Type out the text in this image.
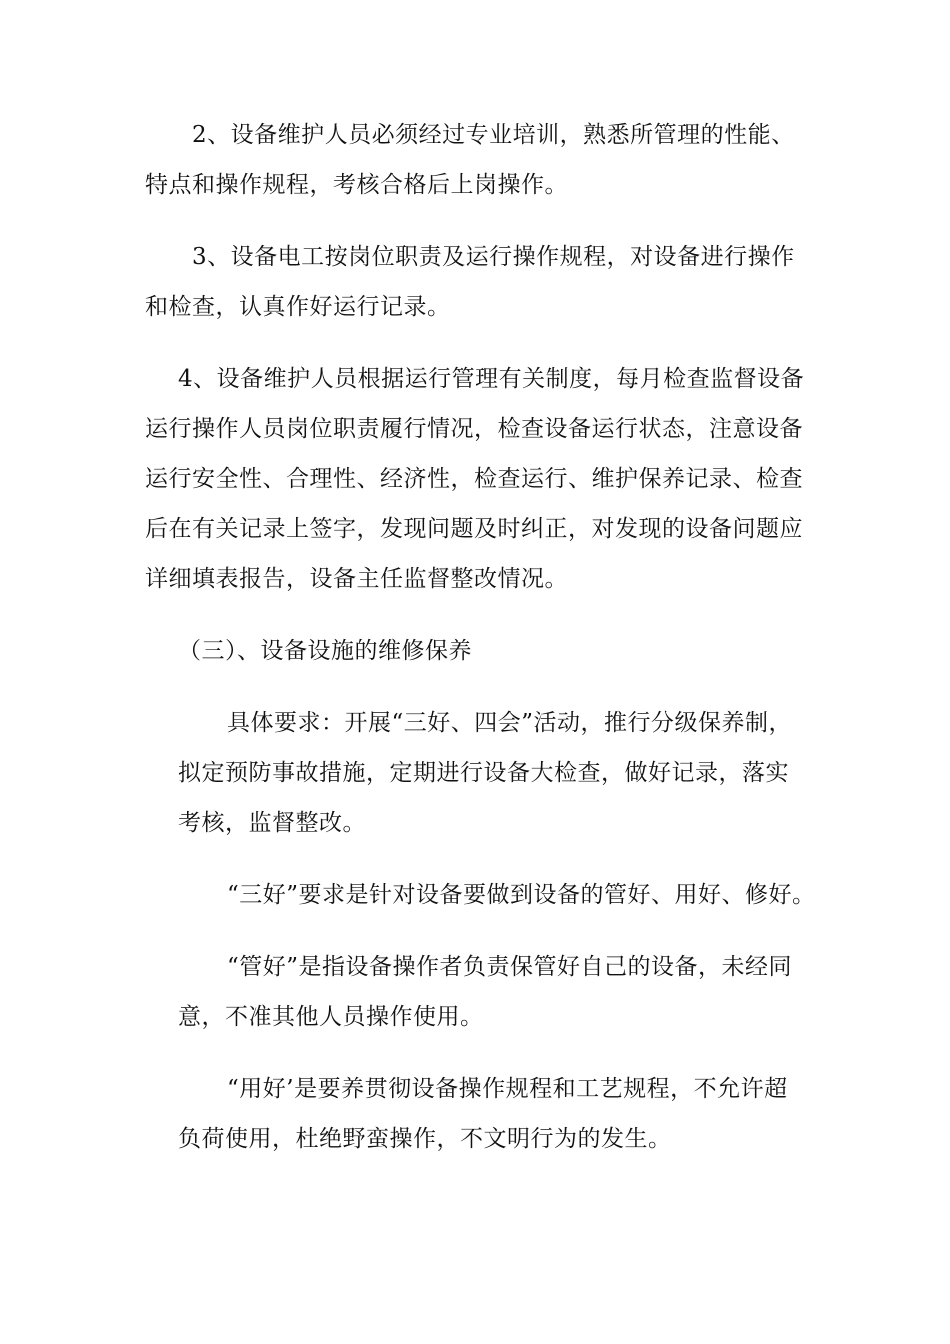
2、设备维护人员必须经过专业培训，熟悉所管理的性能、
特点和操作规程，考核合格后上岗操作。
3、设备电工按岗位职责及运行操作规程，对设备进行操作
和检查，认真作好运行记录。
4、设备维护人员根据运行管理有关制度，每月检查监督设备
运行操作人员岗位职责履行情况，检查设备运行状态，注意设备
运行安全性、合理性、经济性，检查运行、维护保养记录、检查
后在有关记录上签字，发现问题及时纠正，对发现的设备问题应
详细填表报告，设备主任监督整改情况。
（三）、设备设施的维修保养
具体要求：开展“三好、四会”活动，推行分级保养制，
拟定预防事故措施，定期进行设备大检查，做好记录，落实
考核，监督整改。
“三好”要求是针对设备要做到设备的管好、用好、修好。
“管好”是指设备操作者负责保管好自己的设备，未经同
意，不准其他人员操作使用。
“用好’是要养贯彻设备操作规程和工艺规程，不允许超
负荷使用，杜绝野蛮操作，不文明行为的发生。
